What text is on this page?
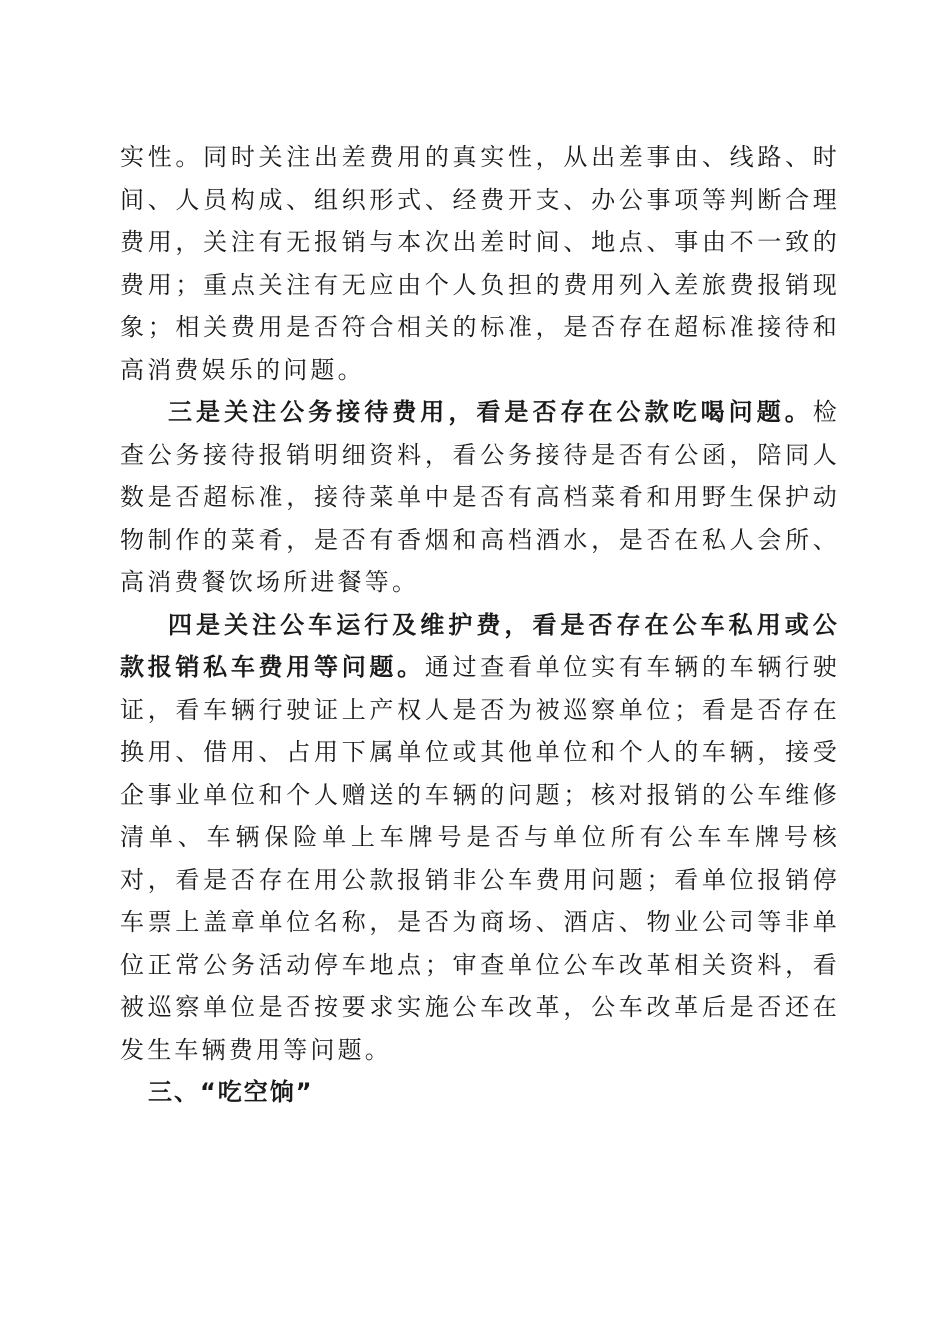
实性。同时关注出差费用的真实性，从出差事由、线路、时间、人员构成、组织形式、经费开支、办公事项等判断合理费用，关注有无报销与本次出差时间、地点、事由不一致的费用；重点关注有无应由个人负担的费用列入差旅费报销现象；相关费用是否符合相关的标准，是否存在超标准接待和高消费娱乐的问题。

三是关注公务接待费用，看是否存在公款吃喝问题。检查公务接待报销明细资料，看公务接待是否有公函，陪同人数是否超标准，接待菜单中是否有高档菜肴和用野生保护动物制作的菜肴，是否有香烟和高档酒水，是否在私人会所、高消费餐饮场所进餐等。

四是关注公车运行及维护费，看是否存在公车私用或公款报销私车费用等问题。通过查看单位实有车辆的车辆行驶证，看车辆行驶证上产权人是否为被巡察单位；看是否存在换用、借用、占用下属单位或其他单位和个人的车辆，接受企事业单位和个人赠送的车辆的问题；核对报销的公车维修清单、车辆保险单上车牌号是否与单位所有公车车牌号核对，看是否存在用公款报销非公车费用问题；看单位报销停车票上盖章单位名称，是否为商场、酒店、物业公司等非单位正常公务活动停车地点；审查单位公车改革相关资料，看被巡察单位是否按要求实施公车改革，公车改革后是否还在发生车辆费用等问题。

三、“吃空饷”
